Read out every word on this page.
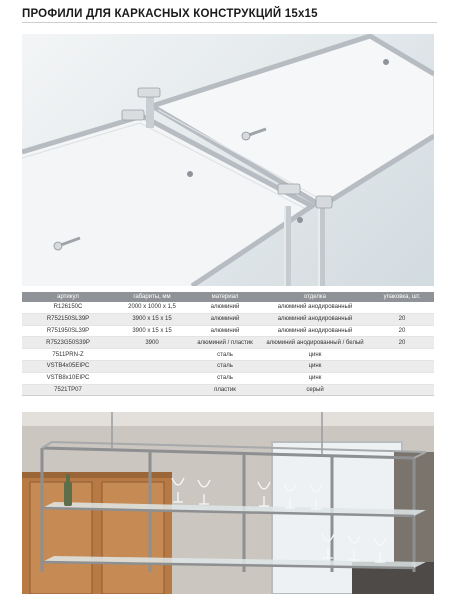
ПРОФИЛИ ДЛЯ КАРКАСНЫХ КОНСТРУКЦИЙ 15x15
артикул	габариты, мм	материал	отделка	упаковка, шт.
R126150C	2000 x 1000 x 1,5	алюминий	алюминий анодированный	
R752150SL39P	3900 x 15 x 15	алюминий	алюминий анодированный	20
R751950SL39P	3900 x 15 x 15	алюминий	алюминий анодированный	20
R7523G50S39P	3900	алюминий / пластик	алюминий анодированный / белый	20
7511PRN-Z		сталь	цинк	
VSTB4x05EIPC		сталь	цинк	
VSTB8x10EIPC		сталь	цинк	
7521TP07		пластик	серый	
